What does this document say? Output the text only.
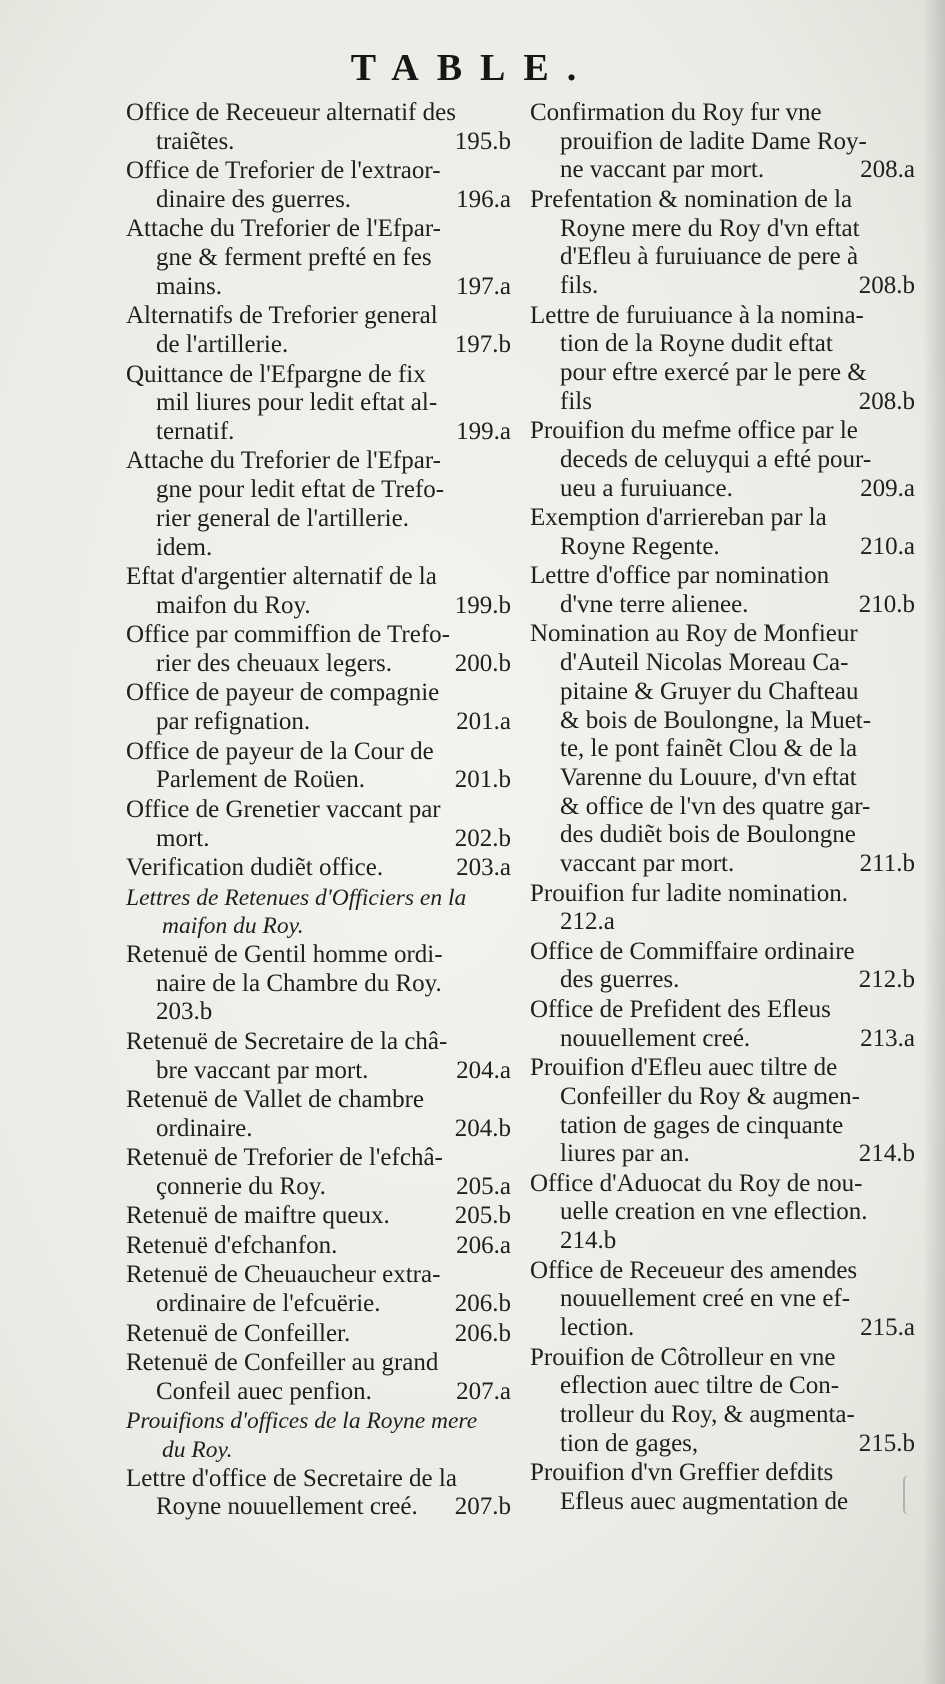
TABLE.
Office de Receueur alternatif des
traiẽtes.	195.b
Office de Treforier de l'extraor-
dinaire des guerres.	196.a
Attache du Treforier de l'Efpar-
gne & ferment prefté en fes
mains.	197.a
Alternatifs de Treforier general
de l'artillerie.	197.b
Quittance de l'Efpargne de fix
mil liures pour ledit eftat al-
ternatif.	199.a
Attache du Treforier de l'Efpar-
gne pour ledit eftat de Trefo-
rier general de l'artillerie.
idem.
Eftat d'argentier alternatif de la
maifon du Roy.	199.b
Office par commiffion de Trefo-
rier des cheuaux legers.	200.b
Office de payeur de compagnie
par refignation.	201.a
Office de payeur de la Cour de
Parlement de Roüen.	201.b
Office de Grenetier vaccant par
mort.	202.b
Verification dudiẽt office.	203.a
Lettres de Retenues d'Officiers en la
maifon du Roy.
Retenuë de Gentil homme ordi-
naire de la Chambre du Roy.
203.b
Retenuë de Secretaire de la châ-
bre vaccant par mort.	204.a
Retenuë de Vallet de chambre
ordinaire.	204.b
Retenuë de Treforier de l'efchâ-
çonnerie du Roy.	205.a
Retenuë de maiftre queux.	205.b
Retenuë d'efchanfon.	206.a
Retenuë de Cheuaucheur extra-
ordinaire de l'efcuërie.	206.b
Retenuë de Confeiller.	206.b
Retenuë de Confeiller au grand
Confeil auec penfion.	207.a
Prouifions d'offices de la Royne mere
du Roy.
Lettre d'office de Secretaire de la
Royne nouuellement creé. 207.b
Confirmation du Roy fur vne
prouifion de ladite Dame Roy-
ne vaccant par mort.	208.a
Prefentation & nomination de la
Royne mere du Roy d'vn eftat
d'Efleu à furuiuance de pere à
fils.	208.b
Lettre de furuiuance à la nomina-
tion de la Royne dudit eftat
pour eftre exercé par le pere &
fils	208.b
Prouifion du mefme office par le
deceds de celuyqui a efté pour-
ueu a furuiuance.	209.a
Exemption d'arriereban par la
Royne Regente.	210.a
Lettre d'office par nomination
d'vne terre alienee.	210.b
Nomination au Roy de Monfieur
d'Auteil Nicolas Moreau Ca-
pitaine & Gruyer du Chafteau
& bois de Boulongne, la Muet-
te, le pont fainẽt Clou & de la
Varenne du Louure, d'vn eftat
& office de l'vn des quatre gar-
des dudiẽt bois de Boulongne
vaccant par mort.	211.b
Prouifion fur ladite nomination.
212.a
Office de Commiffaire ordinaire
des guerres.	212.b
Office de Prefident des Efleus
nouuellement creé.	213.a
Prouifion d'Efleu auec tiltre de
Confeiller du Roy & augmen-
tation de gages de cinquante
liures par an.	214.b
Office d'Aduocat du Roy de nou-
uelle creation en vne eflection.
214.b
Office de Receueur des amendes
nouuellement creé en vne ef-
lection.	215.a
Prouifion de Côtrolleur en vne
eflection auec tiltre de Con-
trolleur du Roy, & augmenta-
tion de gages,	215.b
Prouifion d'vn Greffier defdits
Efleus auec augmentation de
